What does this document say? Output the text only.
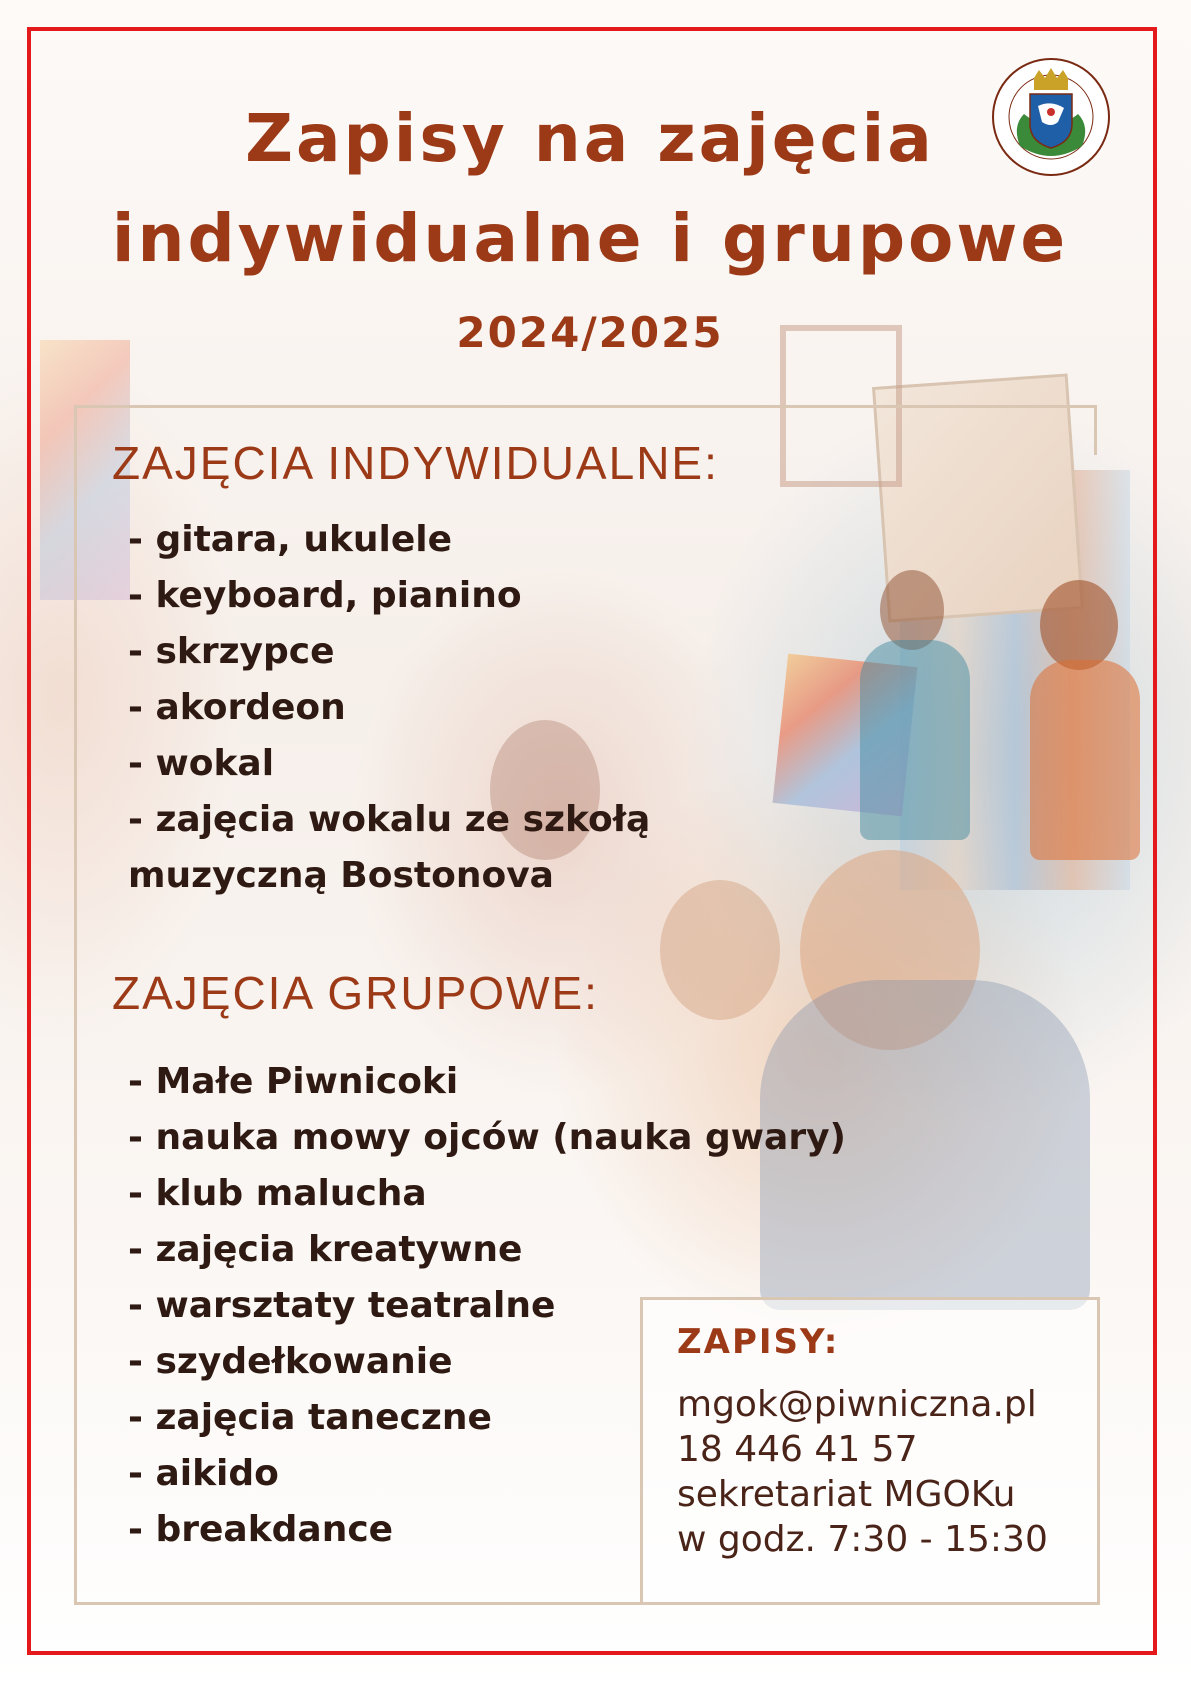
Zapisy na zajęcia
indywidualne i grupowe
2024/2025
ZAJĘCIA INDYWIDUALNE:
- gitara, ukulele
- keyboard, pianino
- skrzypce
- akordeon
- wokal
- zajęcia wokalu ze szkołą
muzyczną Bostonova
ZAJĘCIA GRUPOWE:
- Małe Piwnicoki
- nauka mowy ojców (nauka gwary)
- klub malucha
- zajęcia kreatywne
- warsztaty teatralne
- szydełkowanie
- zajęcia taneczne
- aikido
- breakdance
ZAPISY:
mgok@piwniczna.pl
18 446 41 57
sekretariat MGOKu
w godz. 7:30 - 15:30
